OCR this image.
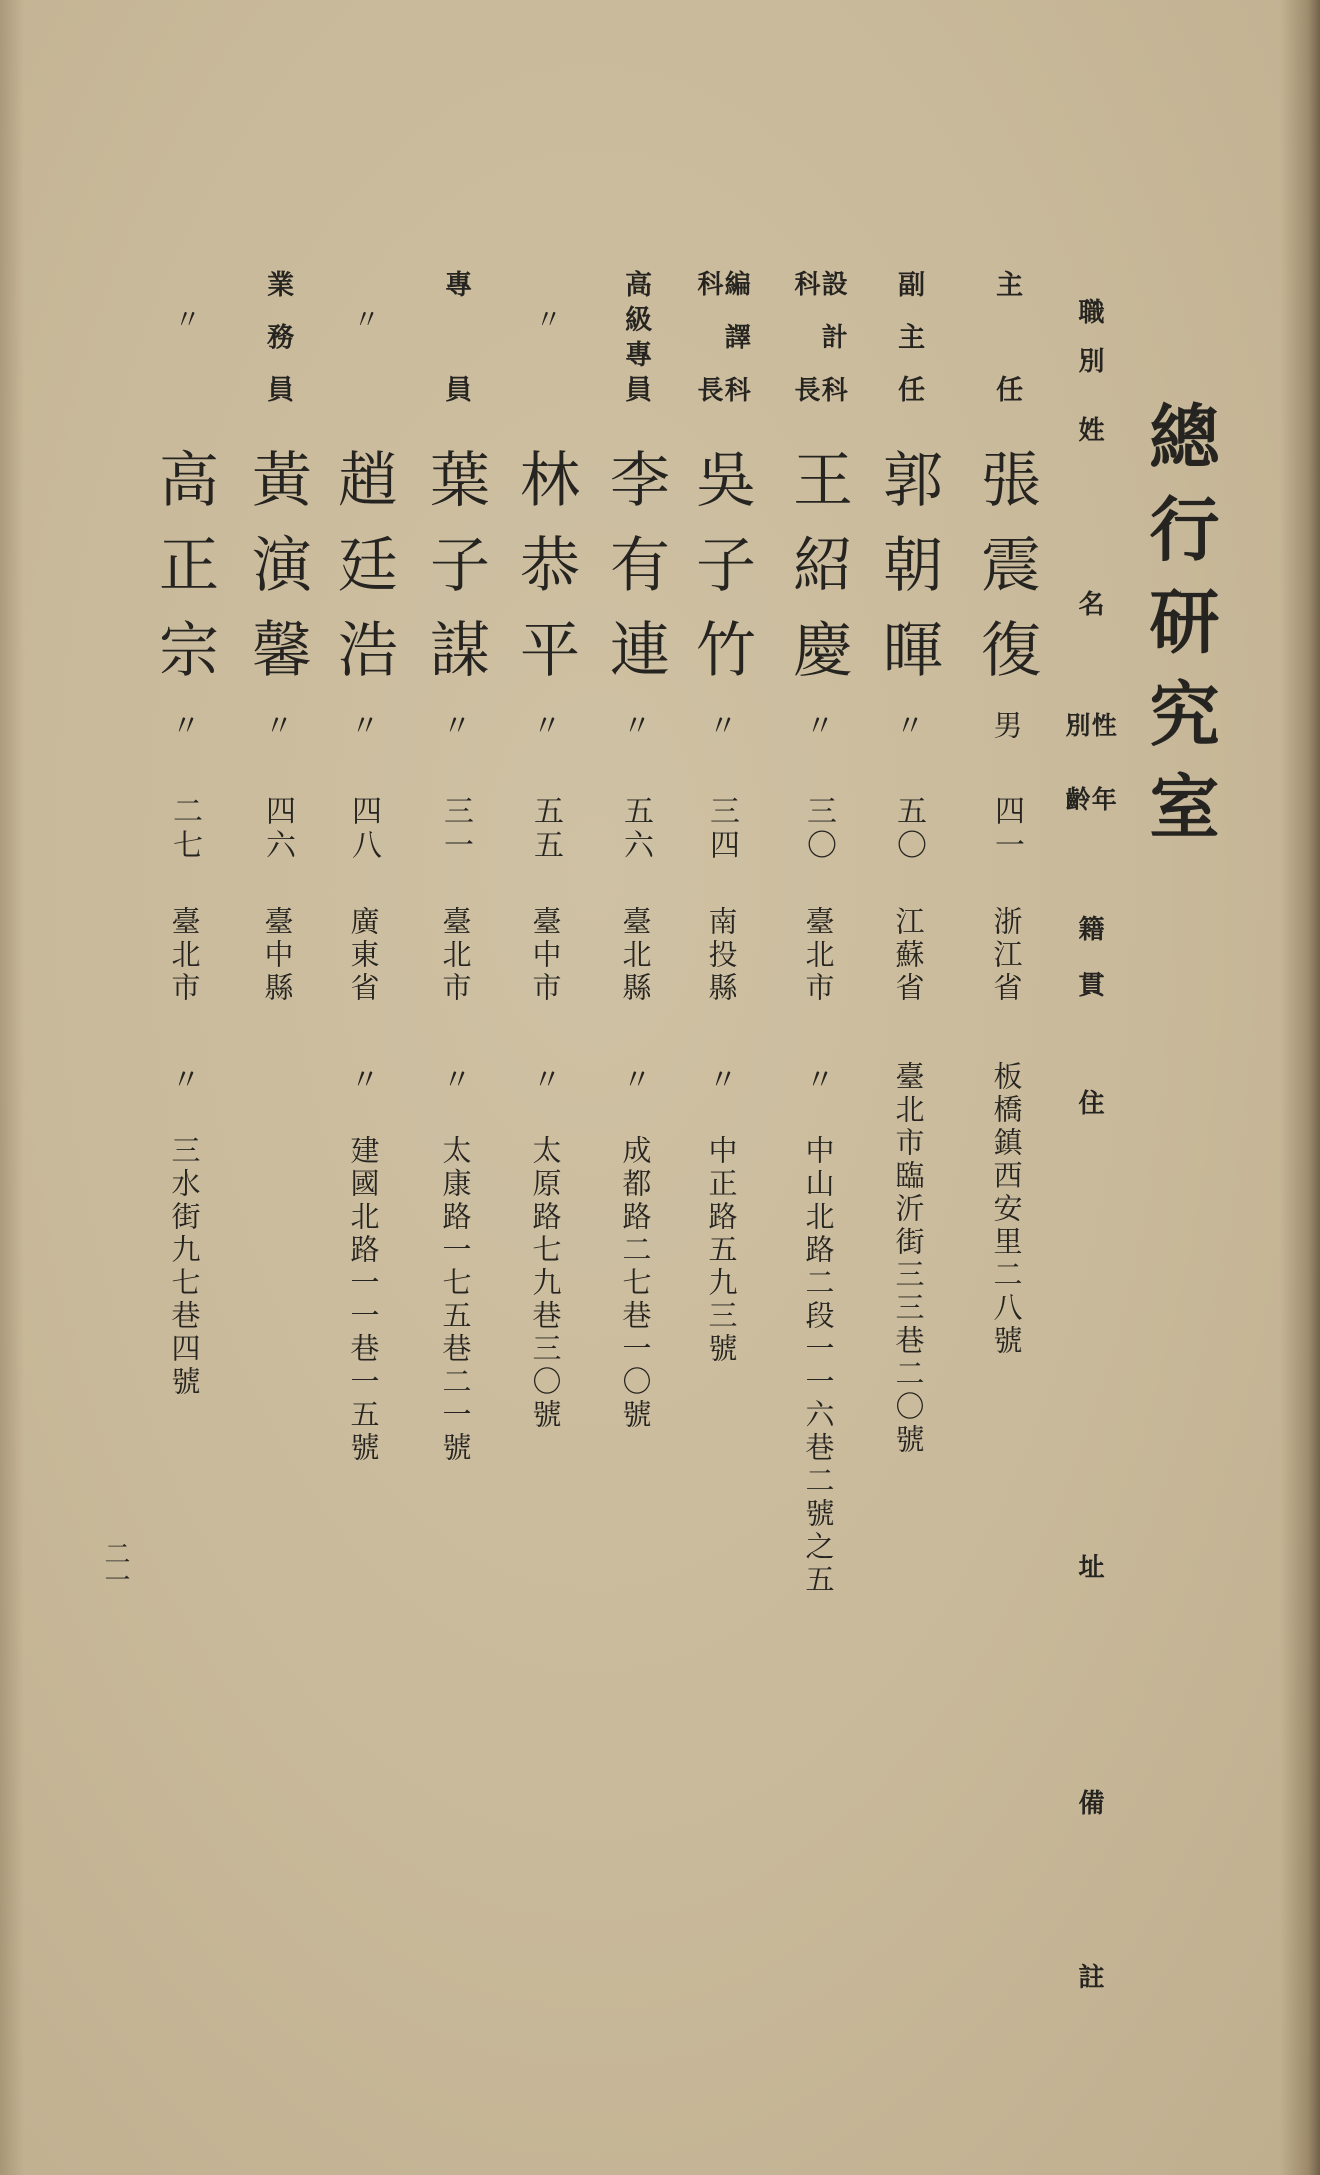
總行研究室
職別
姓名
性別
年齡
籍貫
住址
備註
主任
張震復
男
四一
浙江省
板橋鎮西安里二八號
副主任
郭朝暉
〃
五〇
江蘇省
臺北市臨沂街三三巷二〇號
設計科
科長
王紹慶
〃
三〇
臺北市
〃
中山北路二段一一六巷二號之五
編譯科
科長
吳子竹
〃
三四
南投縣
〃
中正路五九三號
高級專員
李有連
〃
五六
臺北縣
〃
成都路二七巷一〇號
〃
林恭平
〃
五五
臺中市
〃
太原路七九巷三〇號
專員
葉子謀
〃
三一
臺北市
〃
太康路一七五巷二一號
〃
趙廷浩
〃
四八
廣東省
〃
建國北路一一巷一五號
業務員
黃演馨
〃
四六
臺中縣
〃
高正宗
〃
二七
臺北市
〃
三水街九七巷四號
二一
